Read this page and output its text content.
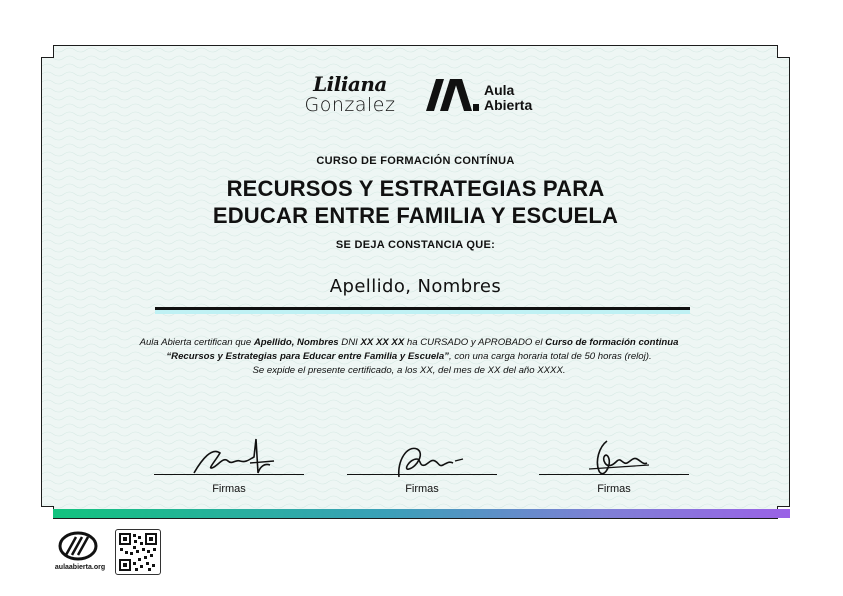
Liliana
Gonzalez
Aula
Abierta
CURSO DE FORMACIÓN CONTÍNUA
RECURSOS Y ESTRATEGIAS PARA
EDUCAR ENTRE FAMILIA Y ESCUELA
SE DEJA CONSTANCIA QUE:
Apellido, Nombres
Aula Abierta certifican que Apellido, Nombres DNI XX XX XX ha CURSADO y APROBADO el Curso de formación continua “Recursos y Estrategias para Educar entre Familia y Escuela”, con una carga horaria total de 50 horas (reloj).
Se expide el presente certificado, a los XX, del mes de XX del año XXXX.
Firmas	Firmas	Firmas
aulaabierta.org
